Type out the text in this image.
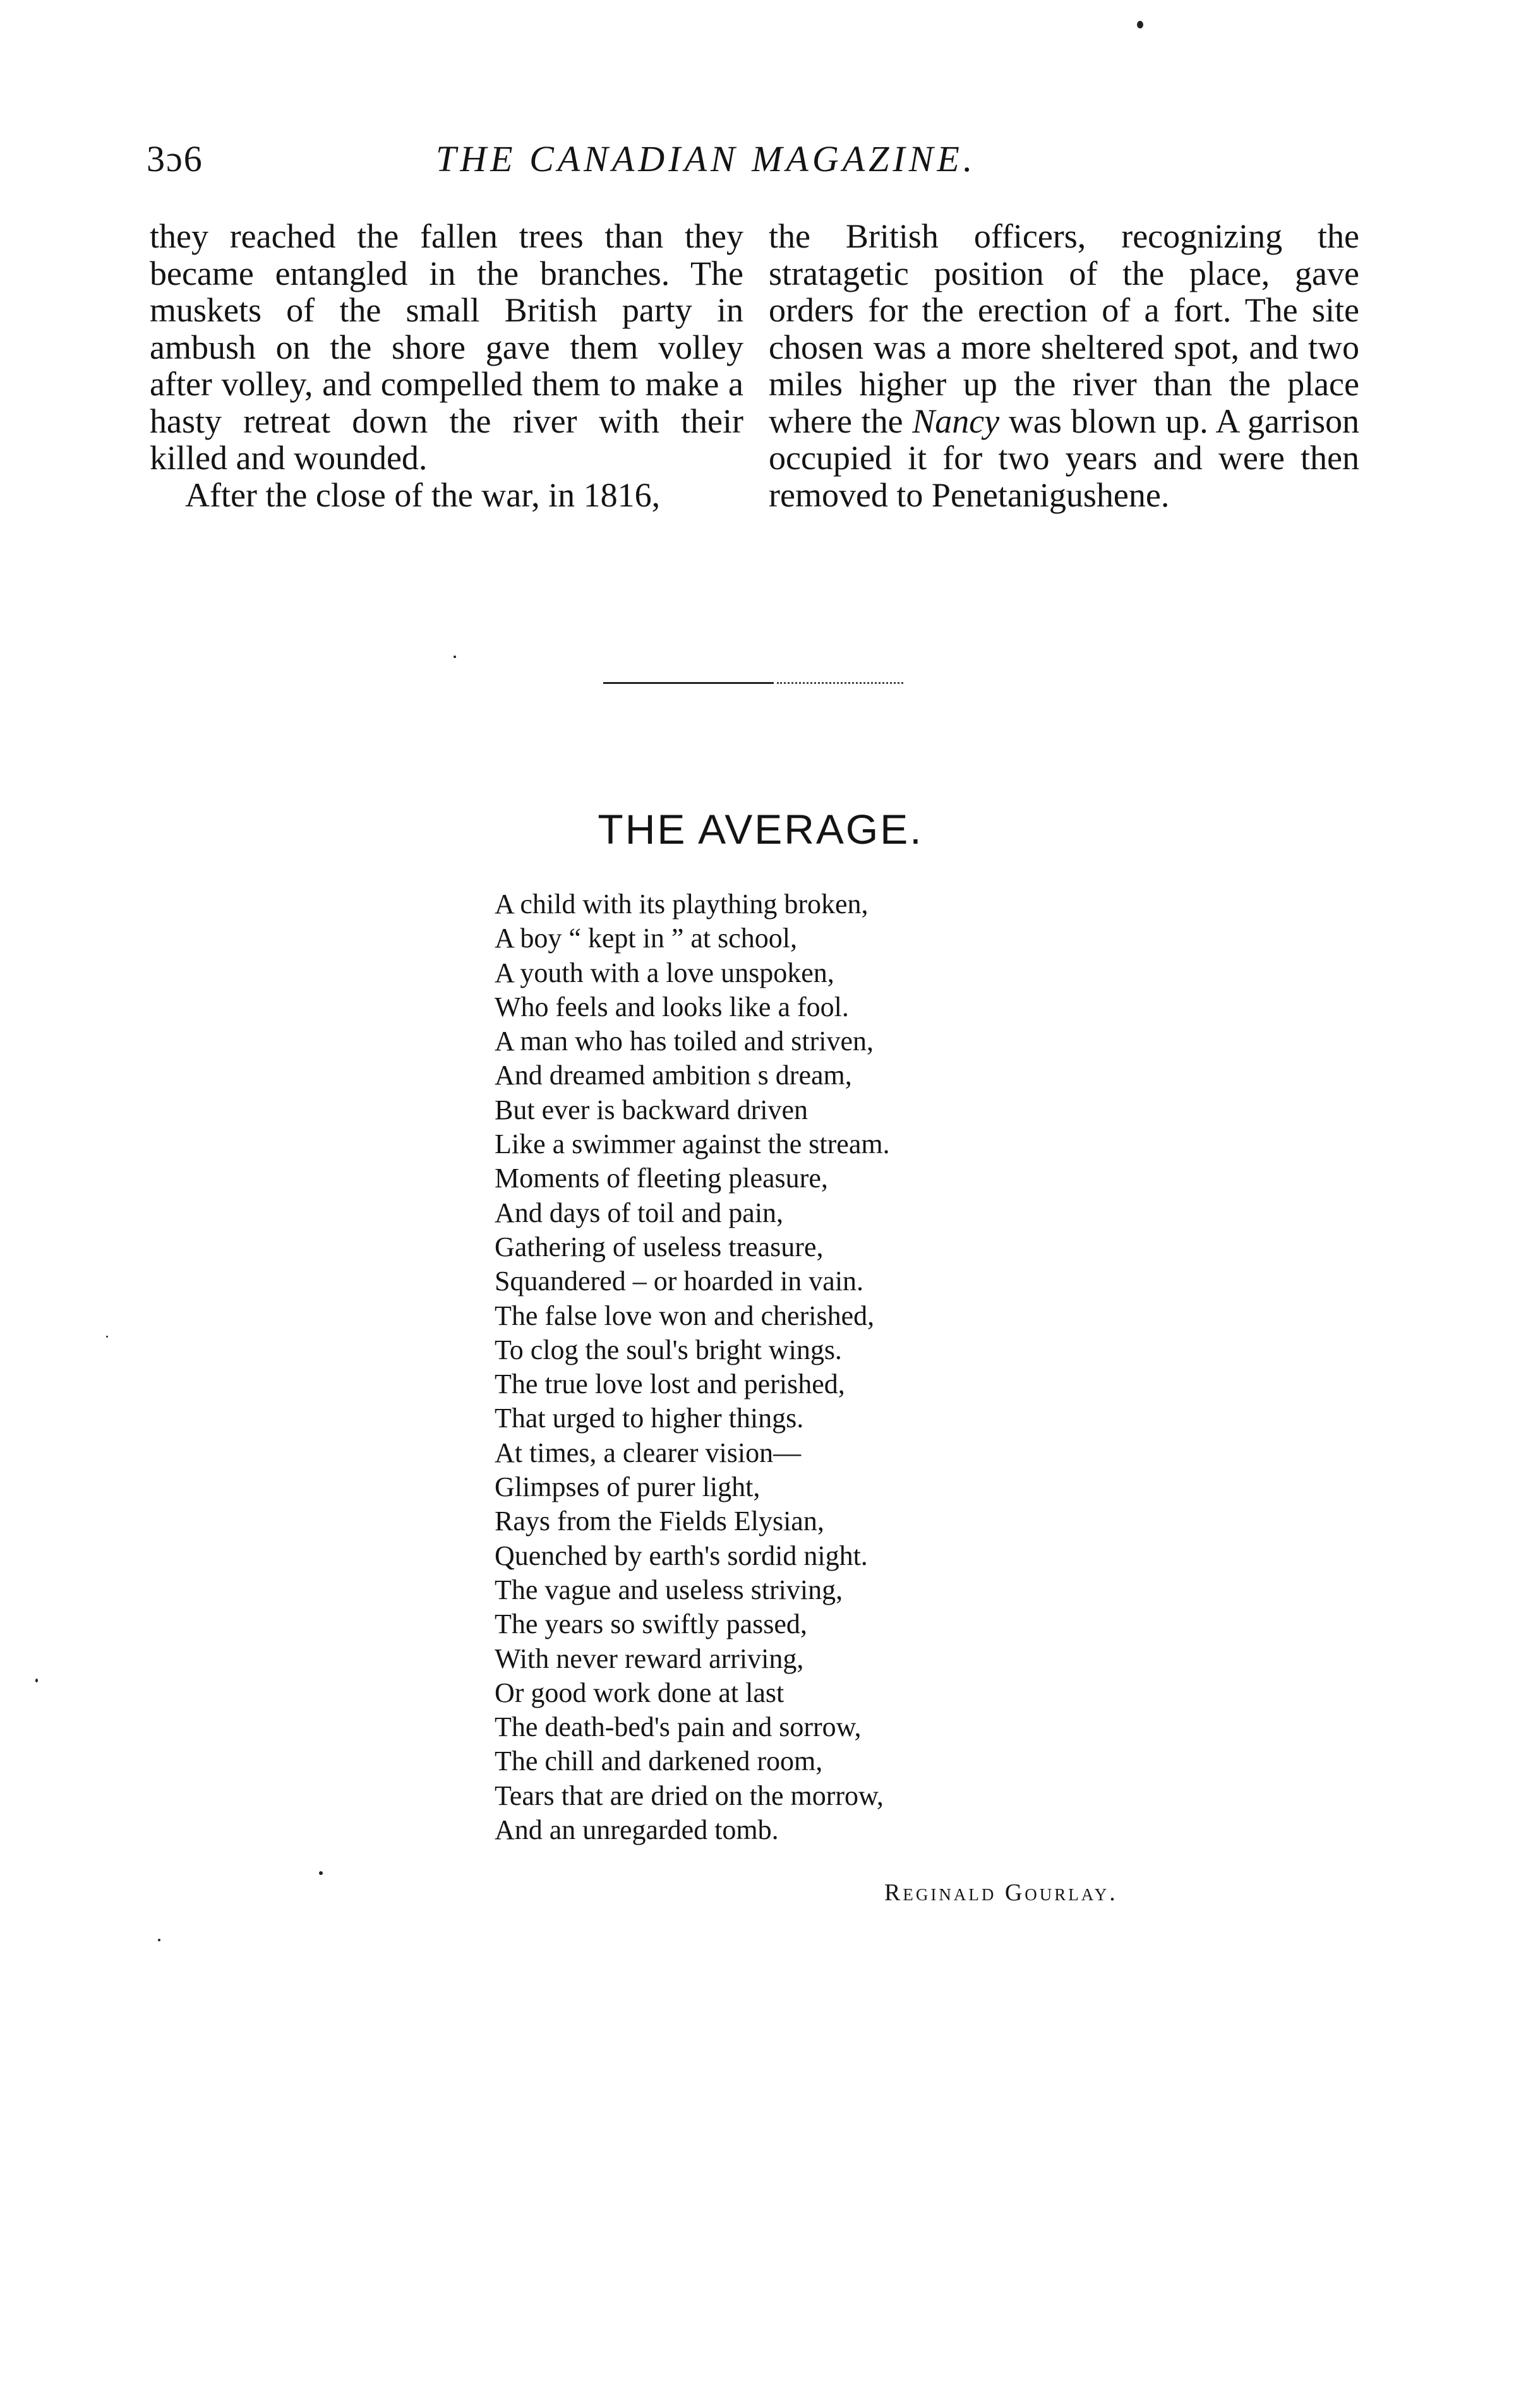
3ɔ6	THE CANADIAN MAGAZINE.

they reached the fallen trees than they became entangled in the branches. The muskets of the small British party in ambush on the shore gave them volley after volley, and compelled them to make a hasty retreat down the river with their killed and wounded.

After the close of the war, in 1816,

the British officers, recognizing the stratagetic position of the place, gave orders for the erection of a fort. The site chosen was a more sheltered spot, and two miles higher up the river than the place where the Nancy was blown up. A garrison occupied it for two years and were then removed to Penetanigushene.

THE AVERAGE.
A child with its plaything broken,
A boy “ kept in ” at school,
A youth with a love unspoken,
Who feels and looks like a fool.
A man who has toiled and striven,
And dreamed ambition s dream,
But ever is backward driven
Like a swimmer against the stream.
Moments of fleeting pleasure,
And days of toil and pain,
Gathering of useless treasure,
Squandered – or hoarded in vain.
The false love won and cherished,
To clog the soul's bright wings.
The true love lost and perished,
That urged to higher things.
At times, a clearer vision—
Glimpses of purer light,
Rays from the Fields Elysian,
Quenched by earth's sordid night.
The vague and useless striving,
The years so swiftly passed,
With never reward arriving,
Or good work done at last
The death-bed's pain and sorrow,
The chill and darkened room,
Tears that are dried on the morrow,
And an unregarded tomb.
Reginald Gourlay.
